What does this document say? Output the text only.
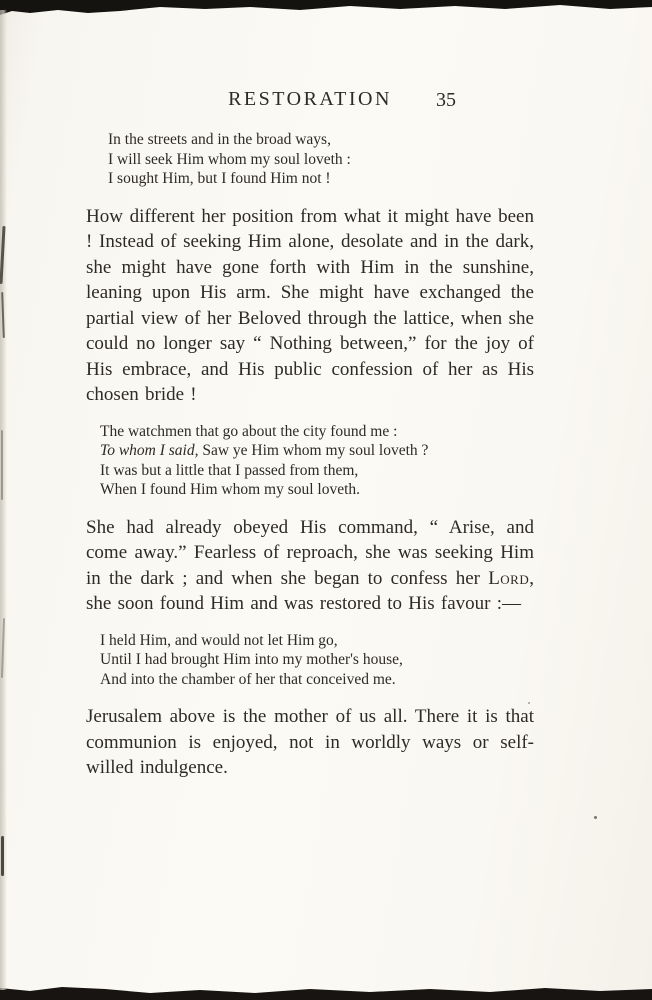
RESTORATION	35
In the streets and in the broad ways,
I will seek Him whom my soul loveth :
I sought Him, but I found Him not !

How different her position from what it might have been ! Instead of seeking Him alone, desolate and in the dark, she might have gone forth with Him in the sunshine, leaning upon His arm. She might have exchanged the partial view of her Beloved through the lattice, when she could no longer say “ Nothing between,” for the joy of His embrace, and His public confession of her as His chosen bride !

The watchmen that go about the city found me :
To whom I said, Saw ye Him whom my soul loveth ?
It was but a little that I passed from them,
When I found Him whom my soul loveth.

She had already obeyed His command, “ Arise, and come away.” Fearless of reproach, she was seeking Him in the dark ; and when she began to confess her Lord, she soon found Him and was restored to His favour :—

I held Him, and would not let Him go,
Until I had brought Him into my mother's house,
And into the chamber of her that conceived me.

Jerusalem above is the mother of us all. There it is that communion is enjoyed, not in worldly ways or self-willed indulgence.
